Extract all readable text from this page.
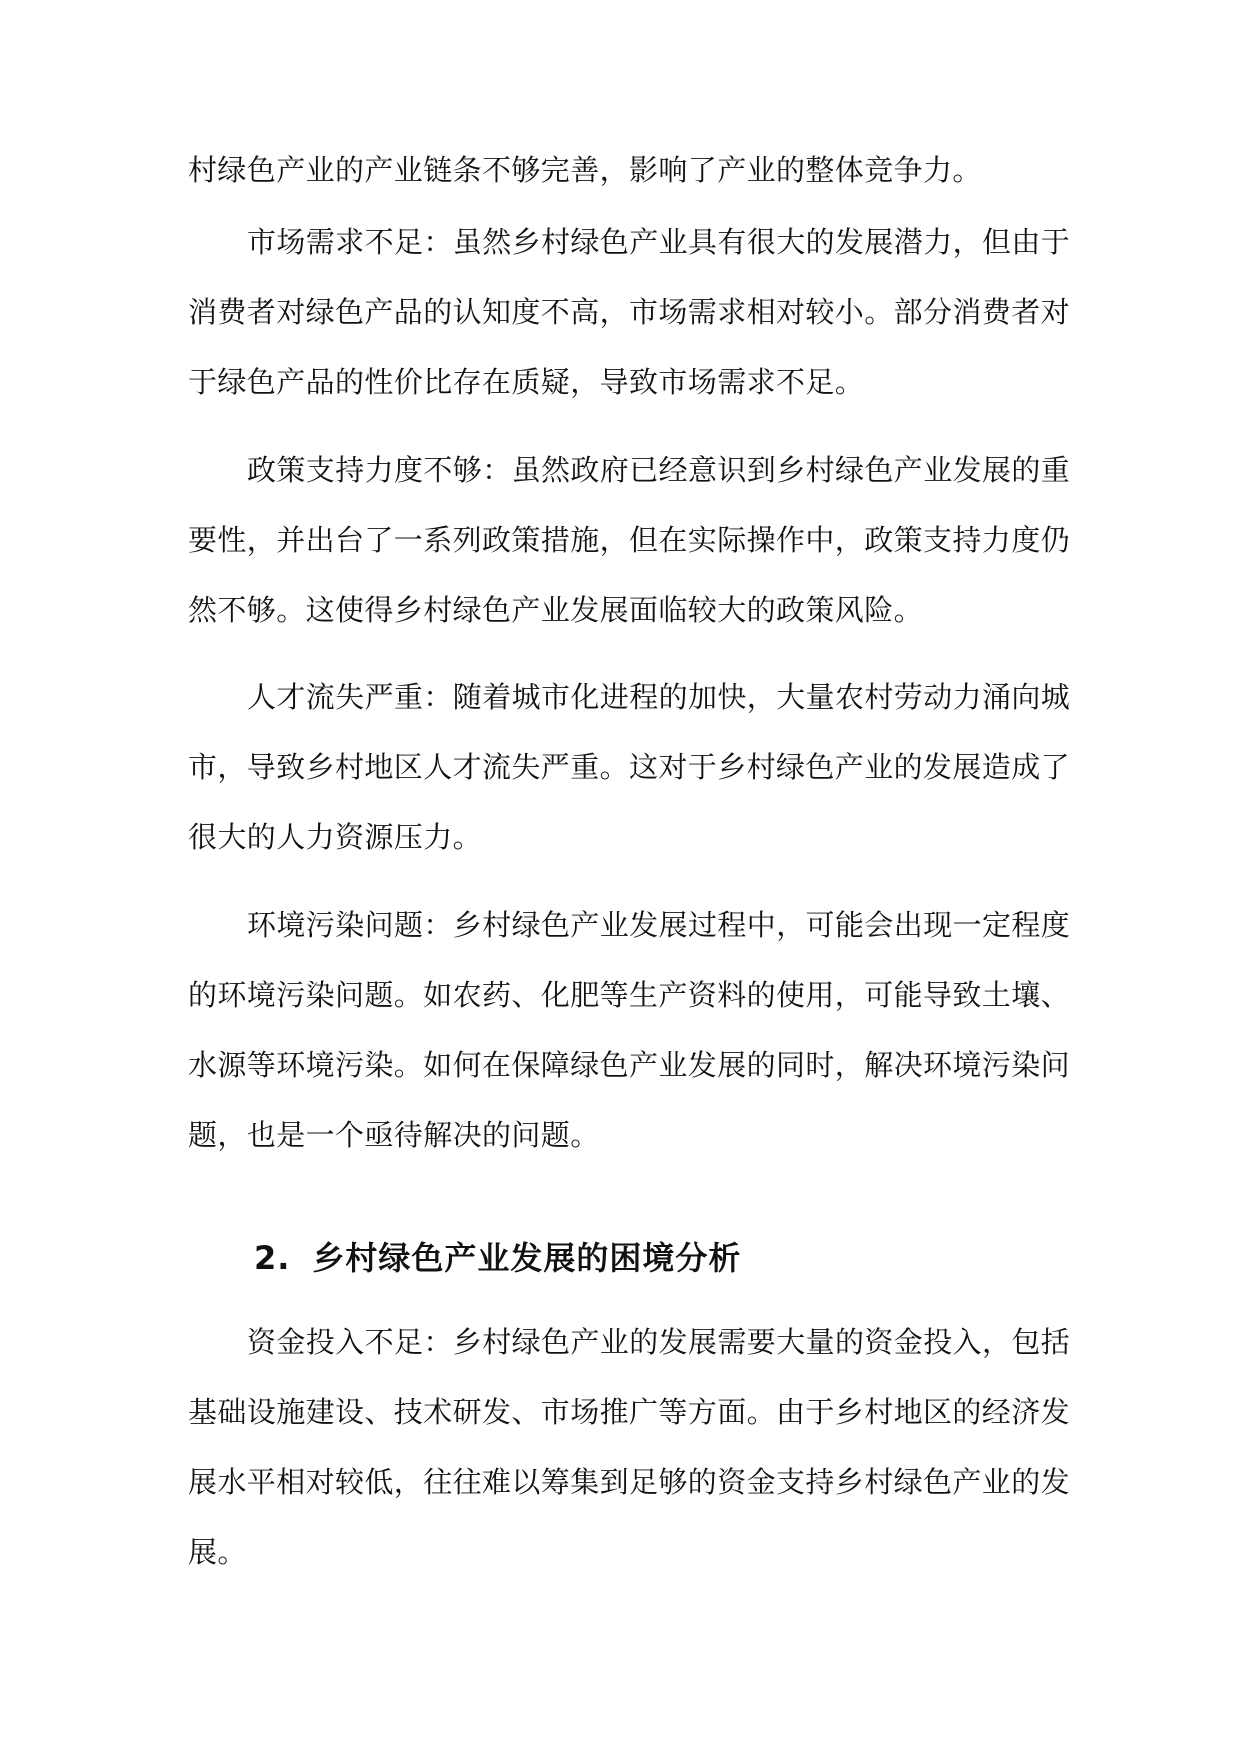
村绿色产业的产业链条不够完善，影响了产业的整体竞争力。
市场需求不足：虽然乡村绿色产业具有很大的发展潜力，但由于
消费者对绿色产品的认知度不高，市场需求相对较小。部分消费者对
于绿色产品的性价比存在质疑，导致市场需求不足。
政策支持力度不够：虽然政府已经意识到乡村绿色产业发展的重
要性，并出台了一系列政策措施，但在实际操作中，政策支持力度仍
然不够。这使得乡村绿色产业发展面临较大的政策风险。
人才流失严重：随着城市化进程的加快，大量农村劳动力涌向城
市，导致乡村地区人才流失严重。这对于乡村绿色产业的发展造成了
很大的人力资源压力。
环境污染问题：乡村绿色产业发展过程中，可能会出现一定程度
的环境污染问题。如农药、化肥等生产资料的使用，可能导致土壤、
水源等环境污染。如何在保障绿色产业发展的同时，解决环境污染问
题，也是一个亟待解决的问题。
2. 乡村绿色产业发展的困境分析
资金投入不足：乡村绿色产业的发展需要大量的资金投入，包括
基础设施建设、技术研发、市场推广等方面。由于乡村地区的经济发
展水平相对较低，往往难以筹集到足够的资金支持乡村绿色产业的发
展。
